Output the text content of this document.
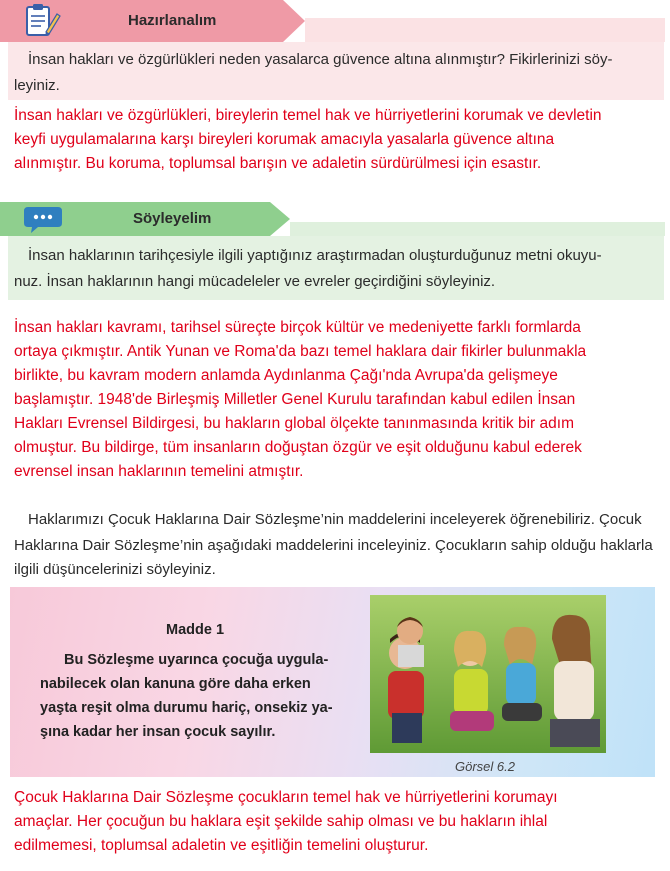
Hazırlanalım
İnsan hakları ve özgürlükleri neden yasalarca güvence altına alınmıştır? Fikirlerinizi söy-
leyiniz.
İnsan hakları ve özgürlükleri, bireylerin temel hak ve hürriyetlerini korumak ve devletin
keyfi uygulamalarına karşı bireyleri korumak amacıyla yasalarla güvence altına
alınmıştır. Bu koruma, toplumsal barışın ve adaletin sürdürülmesi için esastır.
Söyleyelim
İnsan haklarının tarihçesiyle ilgili yaptığınız araştırmadan oluşturduğunuz metni okuyu-
nuz. İnsan haklarının hangi mücadeleler ve evreler geçirdiğini söyleyiniz.
İnsan hakları kavramı, tarihsel süreçte birçok kültür ve medeniyette farklı formlarda
ortaya çıkmıştır. Antik Yunan ve Roma'da bazı temel haklara dair fikirler bulunmakla
birlikte, bu kavram modern anlamda Aydınlanma Çağı'nda Avrupa'da gelişmeye
başlamıştır. 1948'de Birleşmiş Milletler Genel Kurulu tarafından kabul edilen İnsan
Hakları Evrensel Bildirgesi, bu hakların global ölçekte tanınmasında kritik bir adım
olmuştur. Bu bildirge, tüm insanların doğuştan özgür ve eşit olduğunu kabul ederek
evrensel insan haklarının temelini atmıştır.
Haklarımızı Çocuk Haklarına Dair Sözleşme’nin maddelerini inceleyerek öğrenebiliriz. Çocuk
Haklarına Dair Sözleşme’nin aşağıdaki maddelerini inceleyiniz. Çocukların sahip olduğu haklarla
ilgili düşüncelerinizi söyleyiniz.
Madde 1
Bu Sözleşme uyarınca çocuğa uygula-
nabilecek olan kanuna göre daha erken
yaşta reşit olma durumu hariç, onsekiz ya-
şına kadar her insan çocuk sayılır.
Görsel 6.2
Çocuk Haklarına Dair Sözleşme çocukların temel hak ve hürriyetlerini korumayı
amaçlar. Her çocuğun bu haklara eşit şekilde sahip olması ve bu hakların ihlal
edilmemesi, toplumsal adaletin ve eşitliğin temelini oluşturur.
